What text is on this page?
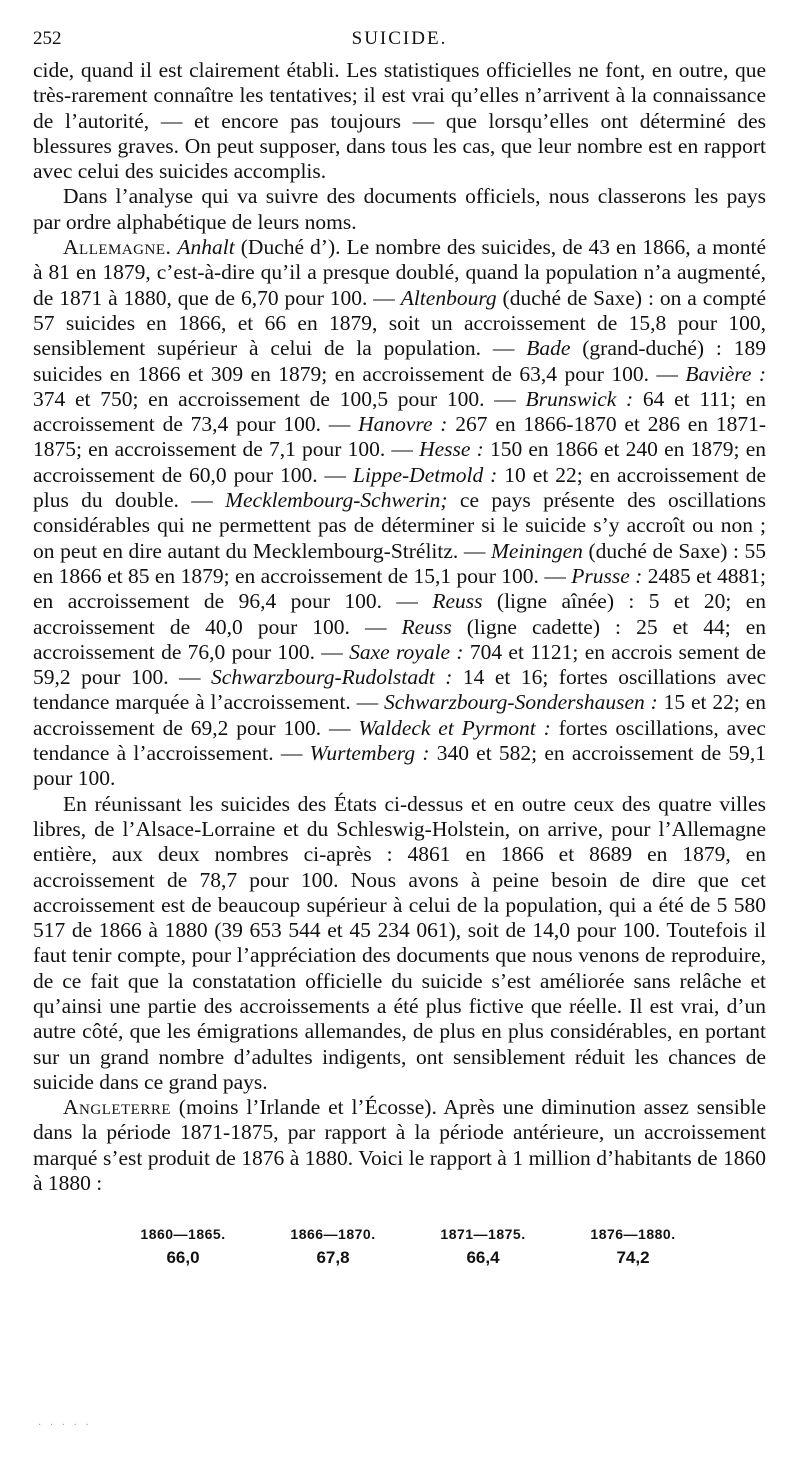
252	SUICIDE.

cide, quand il est clairement établi. Les statistiques officielles ne font, en outre, que très-rarement connaître les tentatives; il est vrai qu’elles n’arrivent à la connaissance de l’autorité, — et encore pas toujours — que lorsqu’elles ont déterminé des blessures graves. On peut supposer, dans tous les cas, que leur nombre est en rapport avec celui des suicides accomplis.

Dans l’analyse qui va suivre des documents officiels, nous classerons les pays par ordre alphabétique de leurs noms.

Allemagne. Anhalt (Duché d’). Le nombre des suicides, de 43 en 1866, a monté à 81 en 1879, c’est-à-dire qu’il a presque doublé, quand la population n’a augmenté, de 1871 à 1880, que de 6,70 pour 100. — Altenbourg (duché de Saxe) : on a compté 57 suicides en 1866, et 66 en 1879, soit un accroissement de 15,8 pour 100, sensiblement supérieur à celui de la population. — Bade (grand-duché) : 189 suicides en 1866 et 309 en 1879; en accroissement de 63,4 pour 100. — Bavière : 374 et 750; en accroissement de 100,5 pour 100. — Brunswick : 64 et 111; en accroissement de 73,4 pour 100. — Hanovre : 267 en 1866-1870 et 286 en 1871-1875; en accroissement de 7,1 pour 100. — Hesse : 150 en 1866 et 240 en 1879; en accroissement de 60,0 pour 100. — Lippe-Detmold : 10 et 22; en accroissement de plus du double. — Mecklembourg-Schwerin; ce pays présente des oscillations considérables qui ne permettent pas de déterminer si le suicide s’y accroît ou non ; on peut en dire autant du Mecklembourg-Strélitz. — Meiningen (duché de Saxe) : 55 en 1866 et 85 en 1879; en accroissement de 15,1 pour 100. — Prusse : 2485 et 4881; en accroissement de 96,4 pour 100. — Reuss (ligne aînée) : 5 et 20; en accroissement de 40,0 pour 100. — Reuss (ligne cadette) : 25 et 44; en accroissement de 76,0 pour 100. — Saxe royale : 704 et 1121; en accrois sement de 59,2 pour 100. — Schwarzbourg-Rudolstadt : 14 et 16; fortes oscillations avec tendance marquée à l’accroissement. — Schwarzbourg-Sondershausen : 15 et 22; en accroissement de 69,2 pour 100. — Waldeck et Pyrmont : fortes oscillations, avec tendance à l’accroissement. — Wurtemberg : 340 et 582; en accroissement de 59,1 pour 100.

En réunissant les suicides des États ci-dessus et en outre ceux des quatre villes libres, de l’Alsace-Lorraine et du Schleswig-Holstein, on arrive, pour l’Allemagne entière, aux deux nombres ci-après : 4861 en 1866 et 8689 en 1879, en accroissement de 78,7 pour 100. Nous avons à peine besoin de dire que cet accroissement est de beaucoup supérieur à celui de la population, qui a été de 5 580 517 de 1866 à 1880 (39 653 544 et 45 234 061), soit de 14,0 pour 100. Toutefois il faut tenir compte, pour l’appréciation des documents que nous venons de reproduire, de ce fait que la constatation officielle du suicide s’est améliorée sans relâche et qu’ainsi une partie des accroissements a été plus fictive que réelle. Il est vrai, d’un autre côté, que les émigrations allemandes, de plus en plus considérables, en portant sur un grand nombre d’adultes indigents, ont sensiblement réduit les chances de suicide dans ce grand pays.

Angleterre (moins l’Irlande et l’Écosse). Après une diminution assez sensible dans la période 1871-1875, par rapport à la période antérieure, un accroissement marqué s’est produit de 1876 à 1880. Voici le rapport à 1 million d’habitants de 1860 à 1880 :

1860—1865.	1866—1870.	1871—1875.	1876—1880.
66,0	67,8	66,4	74,2
· · · · ·
